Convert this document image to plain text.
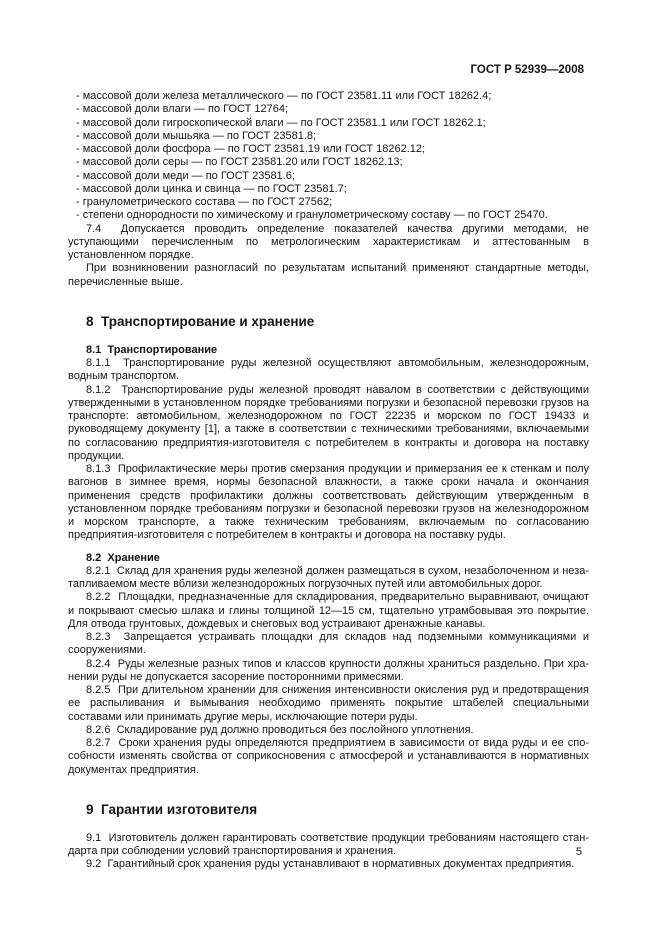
ГОСТ Р 52939—2008

- массовой доли железа металлического — по ГОСТ 23581.11 или ГОСТ 18262.4;

- массовой доли влаги — по ГОСТ 12764;

- массовой доли гигроскопической влаги — по ГОСТ 23581.1 или ГОСТ 18262.1;

- массовой доли мышьяка — по ГОСТ 23581.8;

- массовой доли фосфора — по ГОСТ 23581.19 или ГОСТ 18262.12;

- массовой доли серы — по ГОСТ 23581.20 или ГОСТ 18262.13;

- массовой доли меди — по ГОСТ 23581.6;

- массовой доли цинка и свинца — по ГОСТ 23581.7;

- гранулометрического состава — по ГОСТ 27562;

- степени однородности по химическому и гранулометрическому составу — по ГОСТ 25470.

7.4  Допускается проводить определение показателей качества другими методами, не уступающими перечисленным по метрологическим характеристикам и аттестованным в установленном порядке.

При возникновении разногласий по результатам испытаний применяют стандартные методы, перечисленные выше.

8  Транспортирование и хранение
8.1  Транспортирование

8.1.1  Транспортирование руды железной осуществляют автомобильным, железнодорожным, водным транспортом.

8.1.2  Транспортирование руды железной проводят навалом в соответствии с действующими утвержденными в установленном порядке требованиями погрузки и безопасной перевозки грузов на транспорте: автомобильном, железнодорожном по ГОСТ 22235 и морском по ГОСТ 19433 и руководящему документу [1], а также в соответствии с техническими требованиями, включаемыми по согласованию предприятия-изготовителя с потребителем в контракты и договора на поставку продукции.

8.1.3  Профилактические меры против смерзания продукции и примерзания ее к стенкам и полу вагонов в зимнее время, нормы безопасной влажности, а также сроки начала и окончания применения средств профилактики должны соответствовать действующим утвержденным в установленном порядке требованиям погрузки и безопасной перевозки грузов на железнодорожном и морском транспорте, а также техническим требованиям, включаемым по согласованию предприятия-изготовителя с потребителем в контракты и договора на поставку руды.

8.2  Хранение

8.2.1  Склад для хранения руды железной должен размещаться в сухом, незаболоченном и незатапливаемом месте вблизи железнодорожных погрузочных путей или автомобильных дорог.

8.2.2  Площадки, предназначенные для складирования, предварительно выравнивают, очищают и покрывают смесью шлака и глины толщиной 12—15 см, тщательно утрамбовывая это покрытие. Для отвода грунтовых, дождевых и снеговых вод устраивают дренажные канавы.

8.2.3  Запрещается устраивать площадки для складов над подземными коммуникациями и сооружениями.

8.2.4  Руды железные разных типов и классов крупности должны храниться раздельно. При хранении руды не допускается засорение посторонними примесями.

8.2.5  При длительном хранении для снижения интенсивности окисления руд и предотвращения ее распыливания и вымывания необходимо применять покрытие штабелей специальными составами или принимать другие меры, исключающие потери руды.

8.2.6  Складирование руд должно проводиться без послойного уплотнения.

8.2.7  Сроки хранения руды определяются предприятием в зависимости от вида руды и ее способности изменять свойства от соприкосновения с атмосферой и устанавливаются в нормативных документах предприятия.

9  Гарантии изготовителя

9.1  Изготовитель должен гарантировать соответствие продукции требованиям настоящего стандарта при соблюдении условий транспортирования и хранения.

9.2  Гарантийный срок хранения руды устанавливают в нормативных документах предприятия.

5
